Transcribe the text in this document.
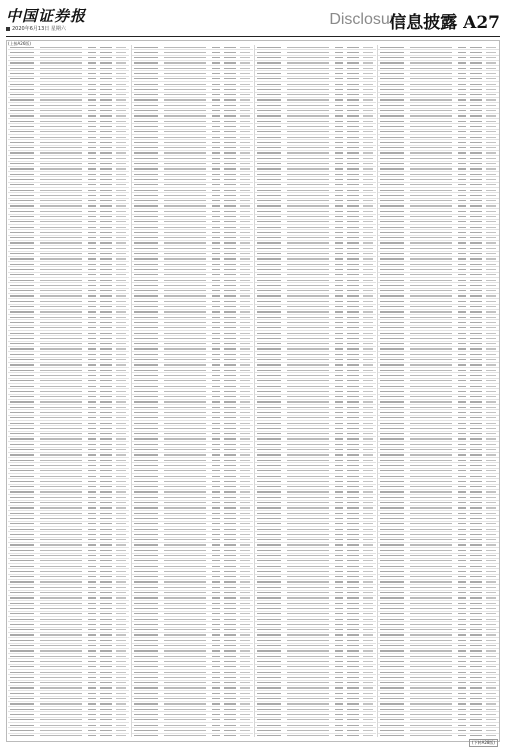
中国证券报
2020年6月13日 星期六
Disclosure
信息披露 A27
(上接A26版)
(下转A28版)
